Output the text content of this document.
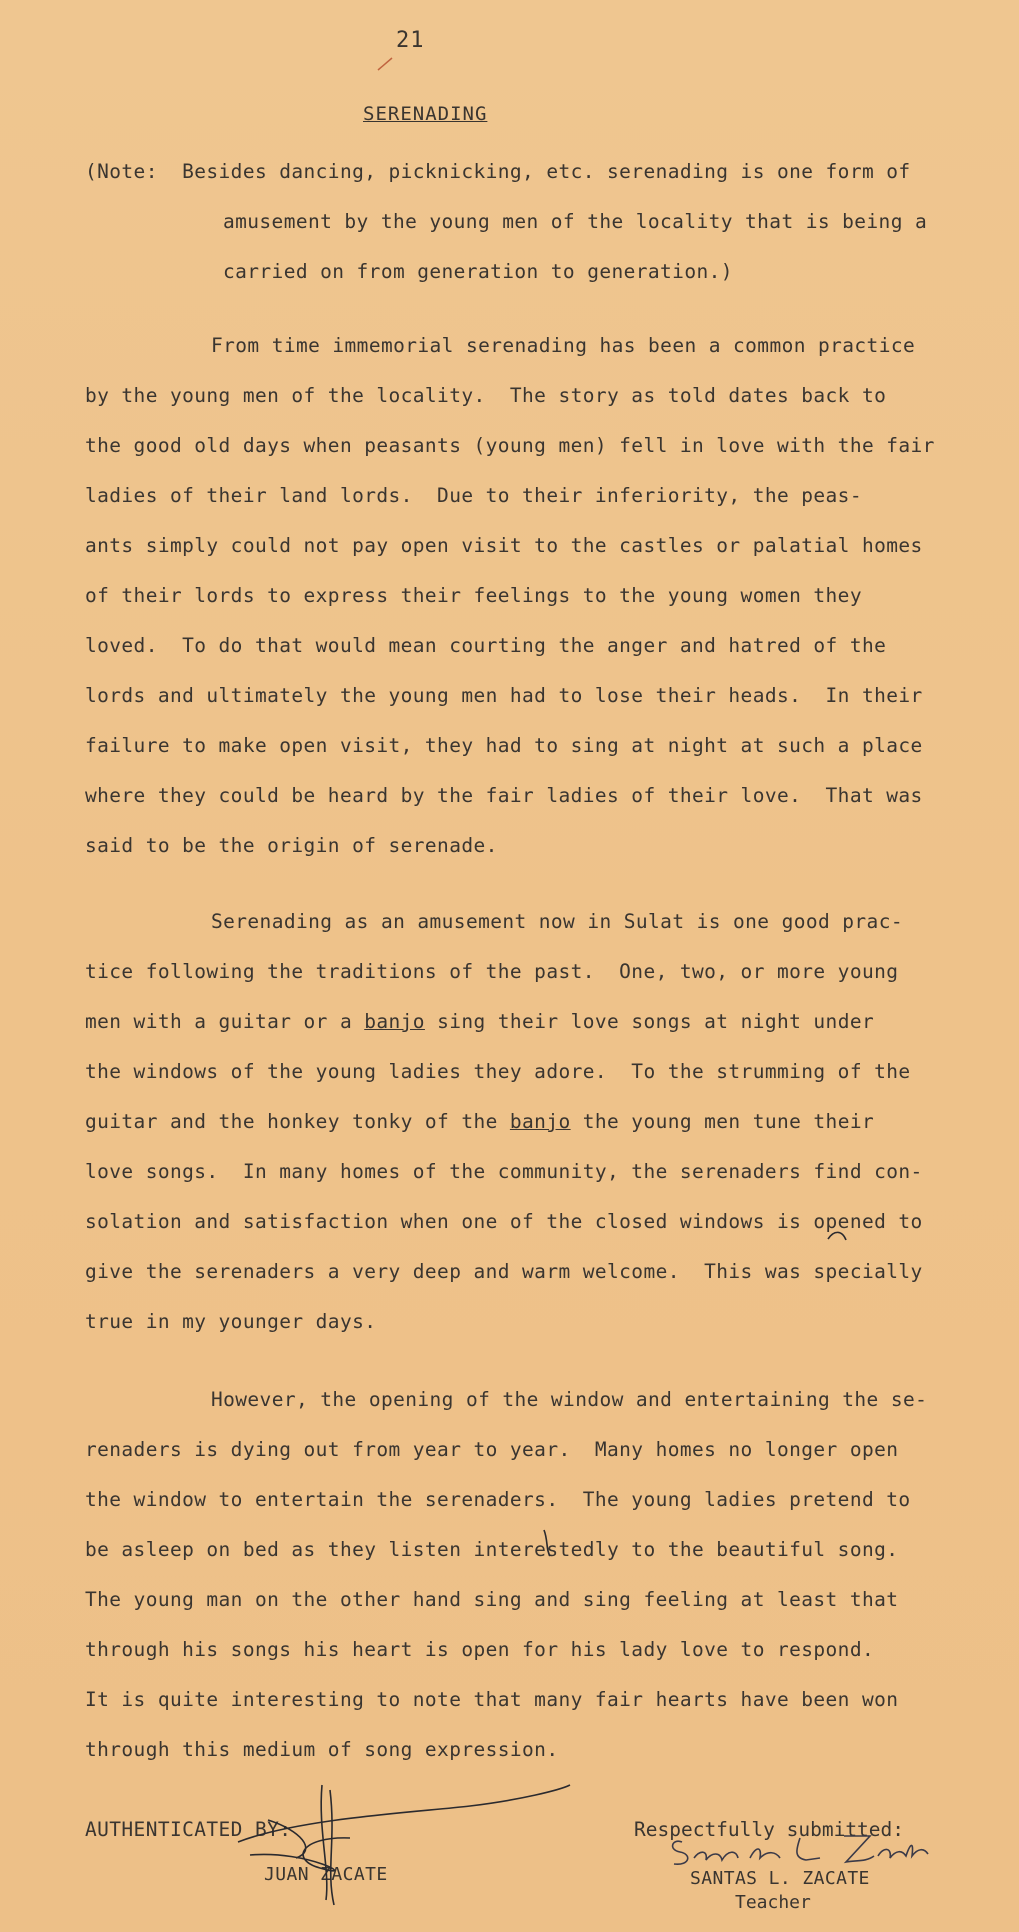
21
SERENADING
(Note:  Besides dancing, picknicking, etc. serenading is one form of
amusement by the young men of the locality that is being a
carried on from generation to generation.)
From time immemorial serenading has been a common practice
by the young men of the locality.  The story as told dates back to
the good old days when peasants (young men) fell in love with the fair
ladies of their land lords.  Due to their inferiority, the peas-
ants simply could not pay open visit to the castles or palatial homes
of their lords to express their feelings to the young women they
loved.  To do that would mean courting the anger and hatred of the
lords and ultimately the young men had to lose their heads.  In their
failure to make open visit, they had to sing at night at such a place
where they could be heard by the fair ladies of their love.  That was
said to be the origin of serenade.
Serenading as an amusement now in Sulat is one good prac-
tice following the traditions of the past.  One, two, or more young
men with a guitar or a banjo sing their love songs at night under
the windows of the young ladies they adore.  To the strumming of the
guitar and the honkey tonky of the banjo the young men tune their
love songs.  In many homes of the community, the serenaders find con-
solation and satisfaction when one of the closed windows is opened to
give the serenaders a very deep and warm welcome.  This was specially
true in my younger days.
However, the opening of the window and entertaining the se-
renaders is dying out from year to year.  Many homes no longer open
the window to entertain the serenaders.  The young ladies pretend to
be asleep on bed as they listen interestedly to the beautiful song.
The young man on the other hand sing and sing feeling at least that
through his songs his heart is open for his lady love to respond.
It is quite interesting to note that many fair hearts have been won
through this medium of song expression.
AUTHENTICATED BY:
JUAN ZACATE
Respectfully submitted:
SANTAS L. ZACATE
Teacher
